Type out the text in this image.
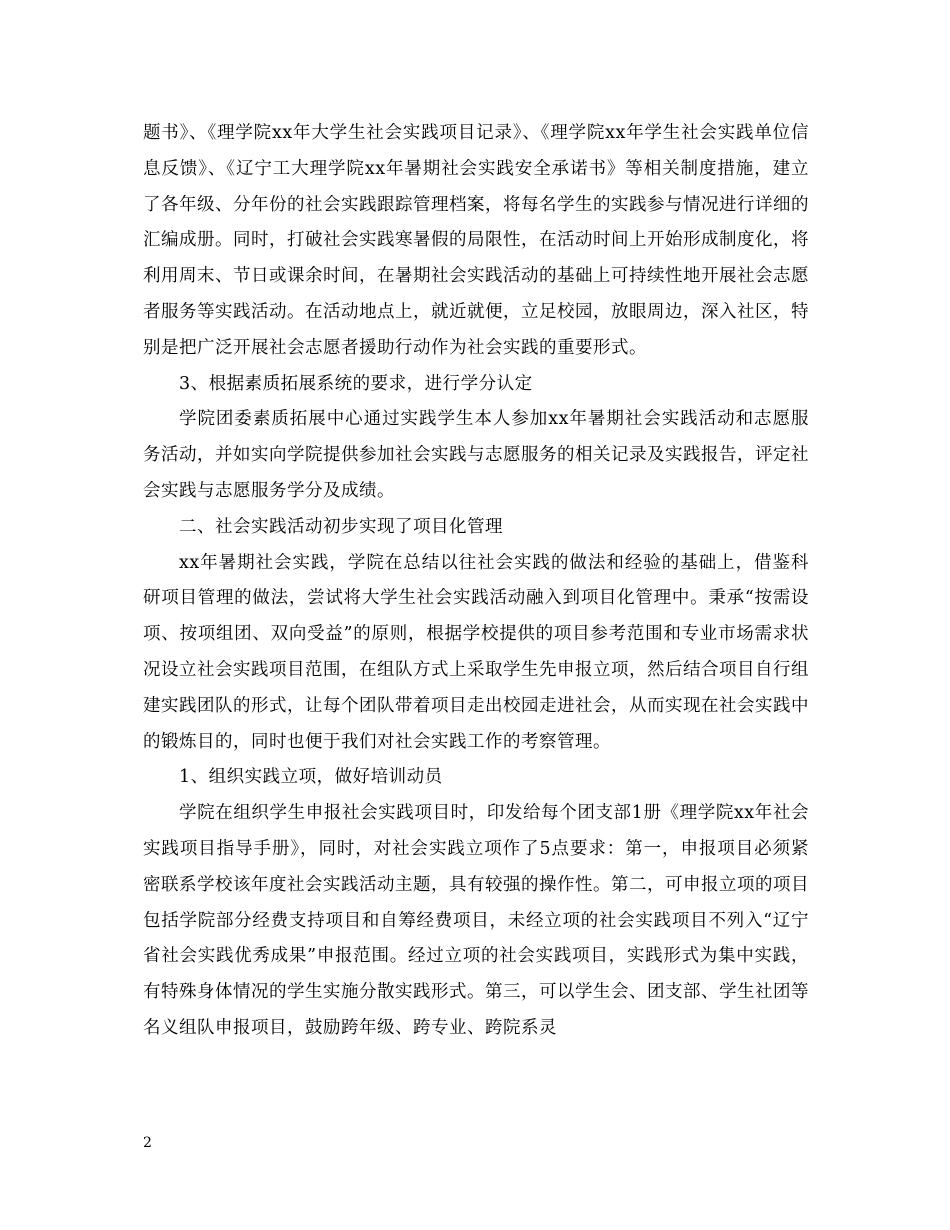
题书》、《理学院xx年大学生社会实践项目记录》、《理学院xx年学生社会实践单位信息反馈》、《辽宁工大理学院xx年暑期社会实践安全承诺书》等相关制度措施，建立了各年级、分年份的社会实践跟踪管理档案，将每名学生的实践参与情况进行详细的汇编成册。同时，打破社会实践寒暑假的局限性，在活动时间上开始形成制度化，将利用周末、节日或课余时间，在暑期社会实践活动的基础上可持续性地开展社会志愿者服务等实践活动。在活动地点上，就近就便，立足校园，放眼周边，深入社区，特别是把广泛开展社会志愿者援助行动作为社会实践的重要形式。

3、根据素质拓展系统的要求，进行学分认定

学院团委素质拓展中心通过实践学生本人参加xx年暑期社会实践活动和志愿服务活动，并如实向学院提供参加社会实践与志愿服务的相关记录及实践报告，评定社会实践与志愿服务学分及成绩。

二、社会实践活动初步实现了项目化管理

xx年暑期社会实践，学院在总结以往社会实践的做法和经验的基础上，借鉴科研项目管理的做法，尝试将大学生社会实践活动融入到项目化管理中。秉承“按需设项、按项组团、双向受益”的原则，根据学校提供的项目参考范围和专业市场需求状况设立社会实践项目范围，在组队方式上采取学生先申报立项，然后结合项目自行组建实践团队的形式，让每个团队带着项目走出校园走进社会，从而实现在社会实践中的锻炼目的，同时也便于我们对社会实践工作的考察管理。

1、组织实践立项，做好培训动员

学院在组织学生申报社会实践项目时，印发给每个团支部1册《理学院xx年社会实践项目指导手册》，同时，对社会实践立项作了5点要求：第一，申报项目必须紧密联系学校该年度社会实践活动主题，具有较强的操作性。第二，可申报立项的项目包括学院部分经费支持项目和自筹经费项目，未经立项的社会实践项目不列入“辽宁省社会实践优秀成果”申报范围。经过立项的社会实践项目，实践形式为集中实践，有特殊身体情况的学生实施分散实践形式。第三，可以学生会、团支部、学生社团等名义组队申报项目，鼓励跨年级、跨专业、跨院系灵

2
